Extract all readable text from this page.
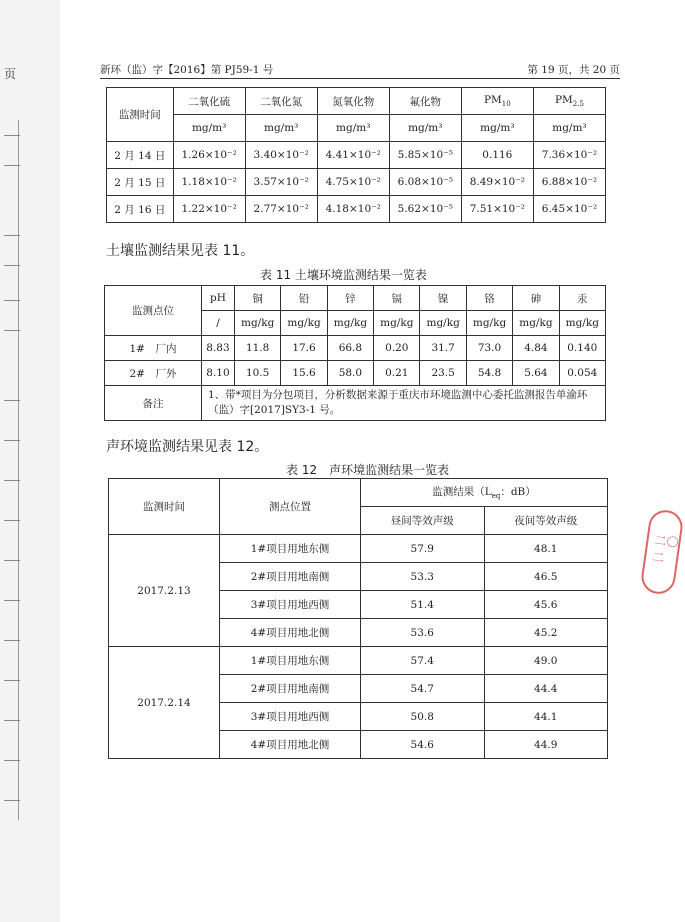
页	新环（监）字【2016】第 PJ59-1 号	第 19 页，共 20 页
监测时间	二氧化硫	二氧化氮	氮氧化物	氟化物	$PM_{10}$	$PM_{2.5}$
	mg/m³	mg/m³	mg/m³	mg/m³	mg/m³	mg/m³
2 月 14 日	1.26×10⁻²	3.40×10⁻²	4.41×10⁻²	5.85×10⁻⁵	0.116	7.36×10⁻²
2 月 15 日	1.18×10⁻²	3.57×10⁻²	4.75×10⁻²	6.08×10⁻⁵	8.49×10⁻²	6.88×10⁻²
2 月 16 日	1.22×10⁻²	2.77×10⁻²	4.18×10⁻²	5.62×10⁻⁵	7.51×10⁻²	6.45×10⁻²
土壤监测结果见表 11。
表 11 土壤环境监测结果一览表
监测点位	pH	铜	铅	锌	镉	镍	铬	砷	汞
	/	mg/kg	mg/kg	mg/kg	mg/kg	mg/kg	mg/kg	mg/kg	mg/kg
1#　厂内	8.83	11.8	17.6	66.8	0.20	31.7	73.0	4.84	0.140
2#　厂外	8.10	10.5	15.6	58.0	0.21	23.5	54.8	5.64	0.054
备注	1、带*项目为分包项目，分析数据来源于重庆市环境监测中心委托监测报告单渝环（监）字[2017]SY3-1 号。								
声环境监测结果见表 12。
表 12　声环境监测结果一览表
监测时间	测点位置	监测结果（$L_{eq}$：dB）	
		昼间等效声级	夜间等效声级
2017.2.13	1#项目用地东侧	57.9	48.1
	2#项目用地南侧	53.3	46.5
	3#项目用地西侧	51.4	45.6
	4#项目用地北侧	53.6	45.2
2017.2.14	1#项目用地东侧	57.4	49.0
	2#项目用地南侧	54.7	44.4
	3#项目用地西侧	50.8	44.1
	4#项目用地北侧	54.6	44.9
二〇二
